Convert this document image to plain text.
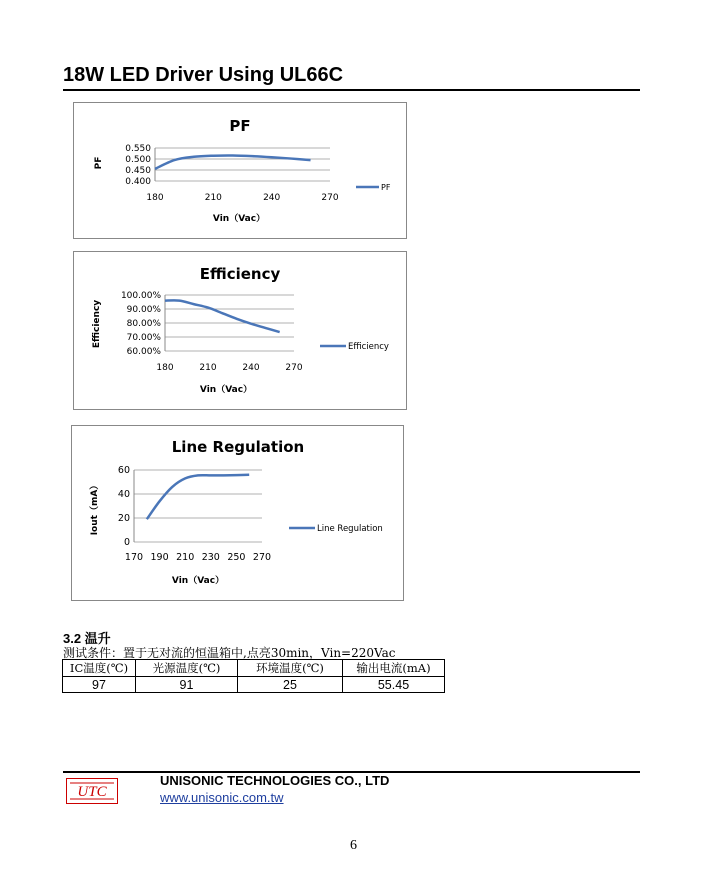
18W LED Driver Using UL66C
PF
PF
0.550
0.500
0.450
0.400
180	210	240	270
Vin（Vac）
PF
Efficiency
Efficiency
100.00%
90.00%
80.00%
70.00%
60.00%
180	210	240	270
Vin（Vac）
Efficiency
Line Regulation
Iout（mA）
60
40
20
0
170 190 210 230 250 270
Vin（Vac）
Line Regulation
3.2 温升
测试条件：置于无对流的恒温箱中,点亮30min，Vin=220Vac
IC温度(℃)	光源温度(℃)	环境温度(℃)	输出电流(mA)
97	91	25	55.45
UTC
UNISONIC TECHNOLOGIES CO., LTD
www.unisonic.com.tw
6
